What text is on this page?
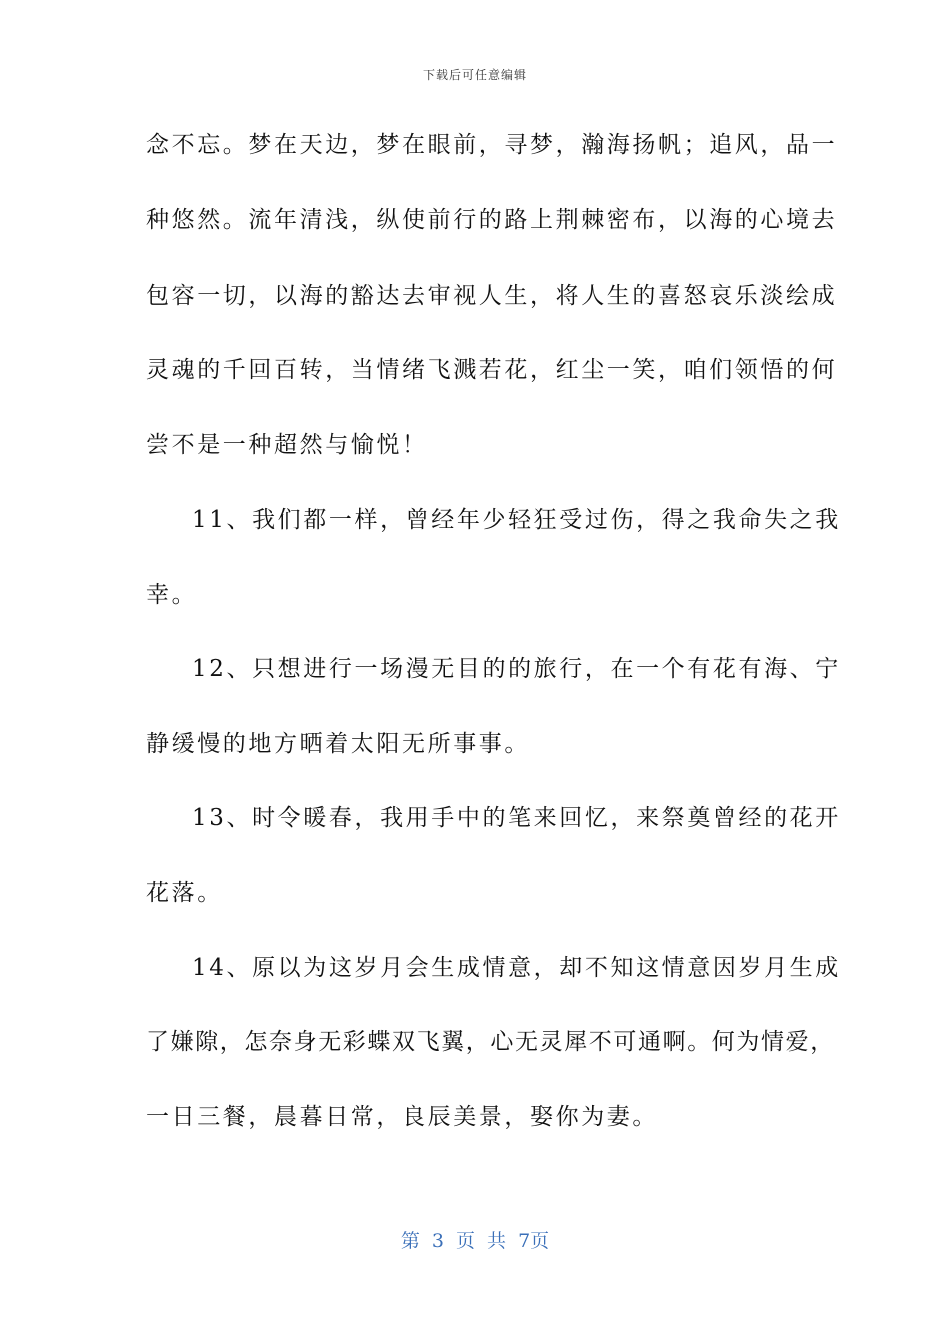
下载后可任意编辑
念不忘。梦在天边，梦在眼前，寻梦，瀚海扬帆；追风，品一
种悠然。流年清浅，纵使前行的路上荆棘密布，以海的心境去
包容一切，以海的豁达去审视人生，将人生的喜怒哀乐淡绘成
灵魂的千回百转，当情绪飞溅若花，红尘一笑，咱们领悟的何
尝不是一种超然与愉悦！
11、我们都一样，曾经年少轻狂受过伤，得之我命失之我
幸。
12、只想进行一场漫无目的的旅行，在一个有花有海、宁
静缓慢的地方晒着太阳无所事事。
13、时令暖春，我用手中的笔来回忆，来祭奠曾经的花开
花落。
14、原以为这岁月会生成情意，却不知这情意因岁月生成
了嫌隙，怎奈身无彩蝶双飞翼，心无灵犀不可通啊。何为情爱，
一日三餐，晨暮日常，良辰美景，娶你为妻。
第 3 页 共 7页
